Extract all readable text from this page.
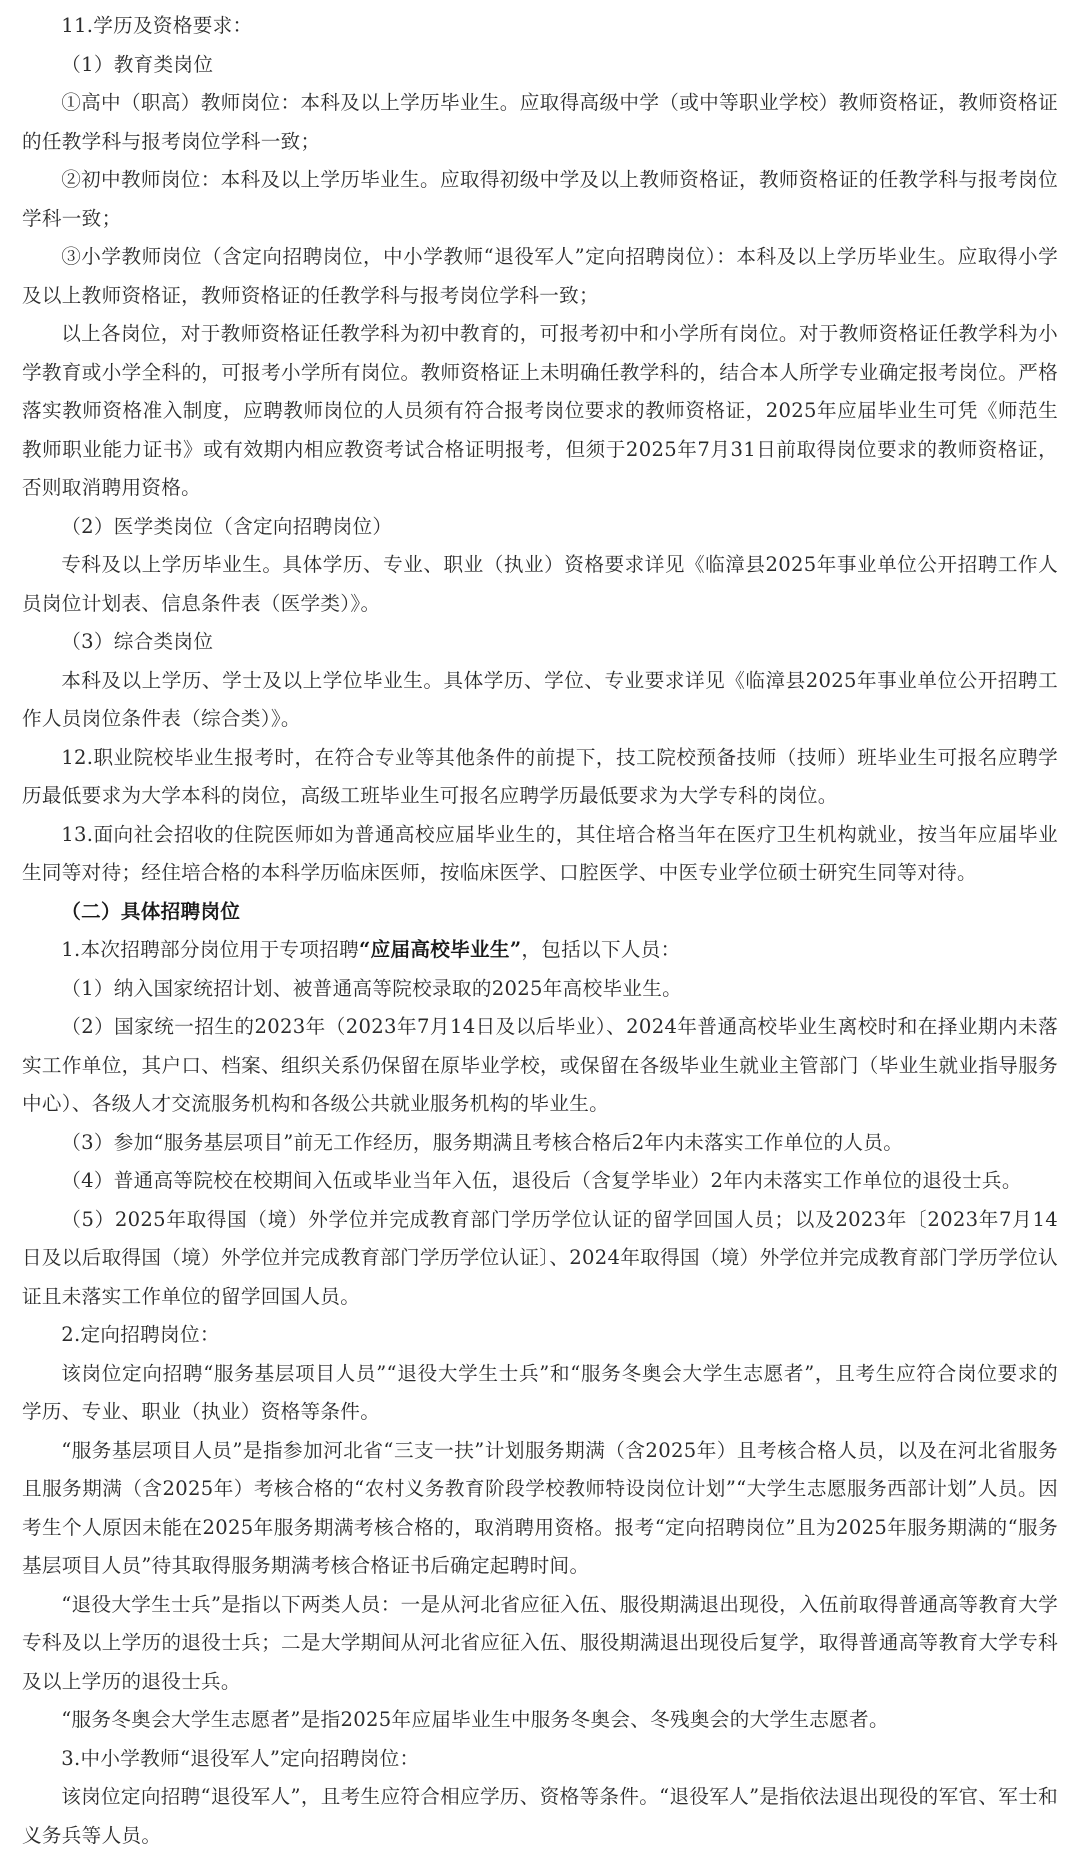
11.学历及资格要求：

（1）教育类岗位

①高中（职高）教师岗位：本科及以上学历毕业生。应取得高级中学（或中等职业学校）教师资格证，教师资格证的任教学科与报考岗位学科一致；

②初中教师岗位：本科及以上学历毕业生。应取得初级中学及以上教师资格证，教师资格证的任教学科与报考岗位学科一致；

③小学教师岗位（含定向招聘岗位，中小学教师“退役军人”定向招聘岗位）：本科及以上学历毕业生。应取得小学及以上教师资格证，教师资格证的任教学科与报考岗位学科一致；

以上各岗位，对于教师资格证任教学科为初中教育的，可报考初中和小学所有岗位。对于教师资格证任教学科为小学教育或小学全科的，可报考小学所有岗位。教师资格证上未明确任教学科的，结合本人所学专业确定报考岗位。严格落实教师资格准入制度，应聘教师岗位的人员须有符合报考岗位要求的教师资格证，2025年应届毕业生可凭《师范生教师职业能力证书》或有效期内相应教资考试合格证明报考，但须于2025年7月31日前取得岗位要求的教师资格证，否则取消聘用资格。

（2）医学类岗位（含定向招聘岗位）

专科及以上学历毕业生。具体学历、专业、职业（执业）资格要求详见《临漳县2025年事业单位公开招聘工作人员岗位计划表、信息条件表（医学类）》。

（3）综合类岗位

本科及以上学历、学士及以上学位毕业生。具体学历、学位、专业要求详见《临漳县2025年事业单位公开招聘工作人员岗位条件表（综合类）》。

12.职业院校毕业生报考时，在符合专业等其他条件的前提下，技工院校预备技师（技师）班毕业生可报名应聘学历最低要求为大学本科的岗位，高级工班毕业生可报名应聘学历最低要求为大学专科的岗位。

13.面向社会招收的住院医师如为普通高校应届毕业生的，其住培合格当年在医疗卫生机构就业，按当年应届毕业生同等对待；经住培合格的本科学历临床医师，按临床医学、口腔医学、中医专业学位硕士研究生同等对待。

（二）具体招聘岗位

1.本次招聘部分岗位用于专项招聘“应届高校毕业生”，包括以下人员：

（1）纳入国家统招计划、被普通高等院校录取的2025年高校毕业生。

（2）国家统一招生的2023年（2023年7月14日及以后毕业）、2024年普通高校毕业生离校时和在择业期内未落实工作单位，其户口、档案、组织关系仍保留在原毕业学校，或保留在各级毕业生就业主管部门（毕业生就业指导服务中心）、各级人才交流服务机构和各级公共就业服务机构的毕业生。

（3）参加“服务基层项目”前无工作经历，服务期满且考核合格后2年内未落实工作单位的人员。

（4）普通高等院校在校期间入伍或毕业当年入伍，退役后（含复学毕业）2年内未落实工作单位的退役士兵。

（5）2025年取得国（境）外学位并完成教育部门学历学位认证的留学回国人员；以及2023年〔2023年7月14日及以后取得国（境）外学位并完成教育部门学历学位认证〕、2024年取得国（境）外学位并完成教育部门学历学位认证且未落实工作单位的留学回国人员。

2.定向招聘岗位：

该岗位定向招聘“服务基层项目人员”“退役大学生士兵”和“服务冬奥会大学生志愿者”，且考生应符合岗位要求的学历、专业、职业（执业）资格等条件。

“服务基层项目人员”是指参加河北省“三支一扶”计划服务期满（含2025年）且考核合格人员，以及在河北省服务且服务期满（含2025年）考核合格的“农村义务教育阶段学校教师特设岗位计划”“大学生志愿服务西部计划”人员。因考生个人原因未能在2025年服务期满考核合格的，取消聘用资格。报考“定向招聘岗位”且为2025年服务期满的“服务基层项目人员”待其取得服务期满考核合格证书后确定起聘时间。

“退役大学生士兵”是指以下两类人员：一是从河北省应征入伍、服役期满退出现役，入伍前取得普通高等教育大学专科及以上学历的退役士兵；二是大学期间从河北省应征入伍、服役期满退出现役后复学，取得普通高等教育大学专科及以上学历的退役士兵。

“服务冬奥会大学生志愿者”是指2025年应届毕业生中服务冬奥会、冬残奥会的大学生志愿者。

3.中小学教师“退役军人”定向招聘岗位：

该岗位定向招聘“退役军人”，且考生应符合相应学历、资格等条件。“退役军人”是指依法退出现役的军官、军士和义务兵等人员。
